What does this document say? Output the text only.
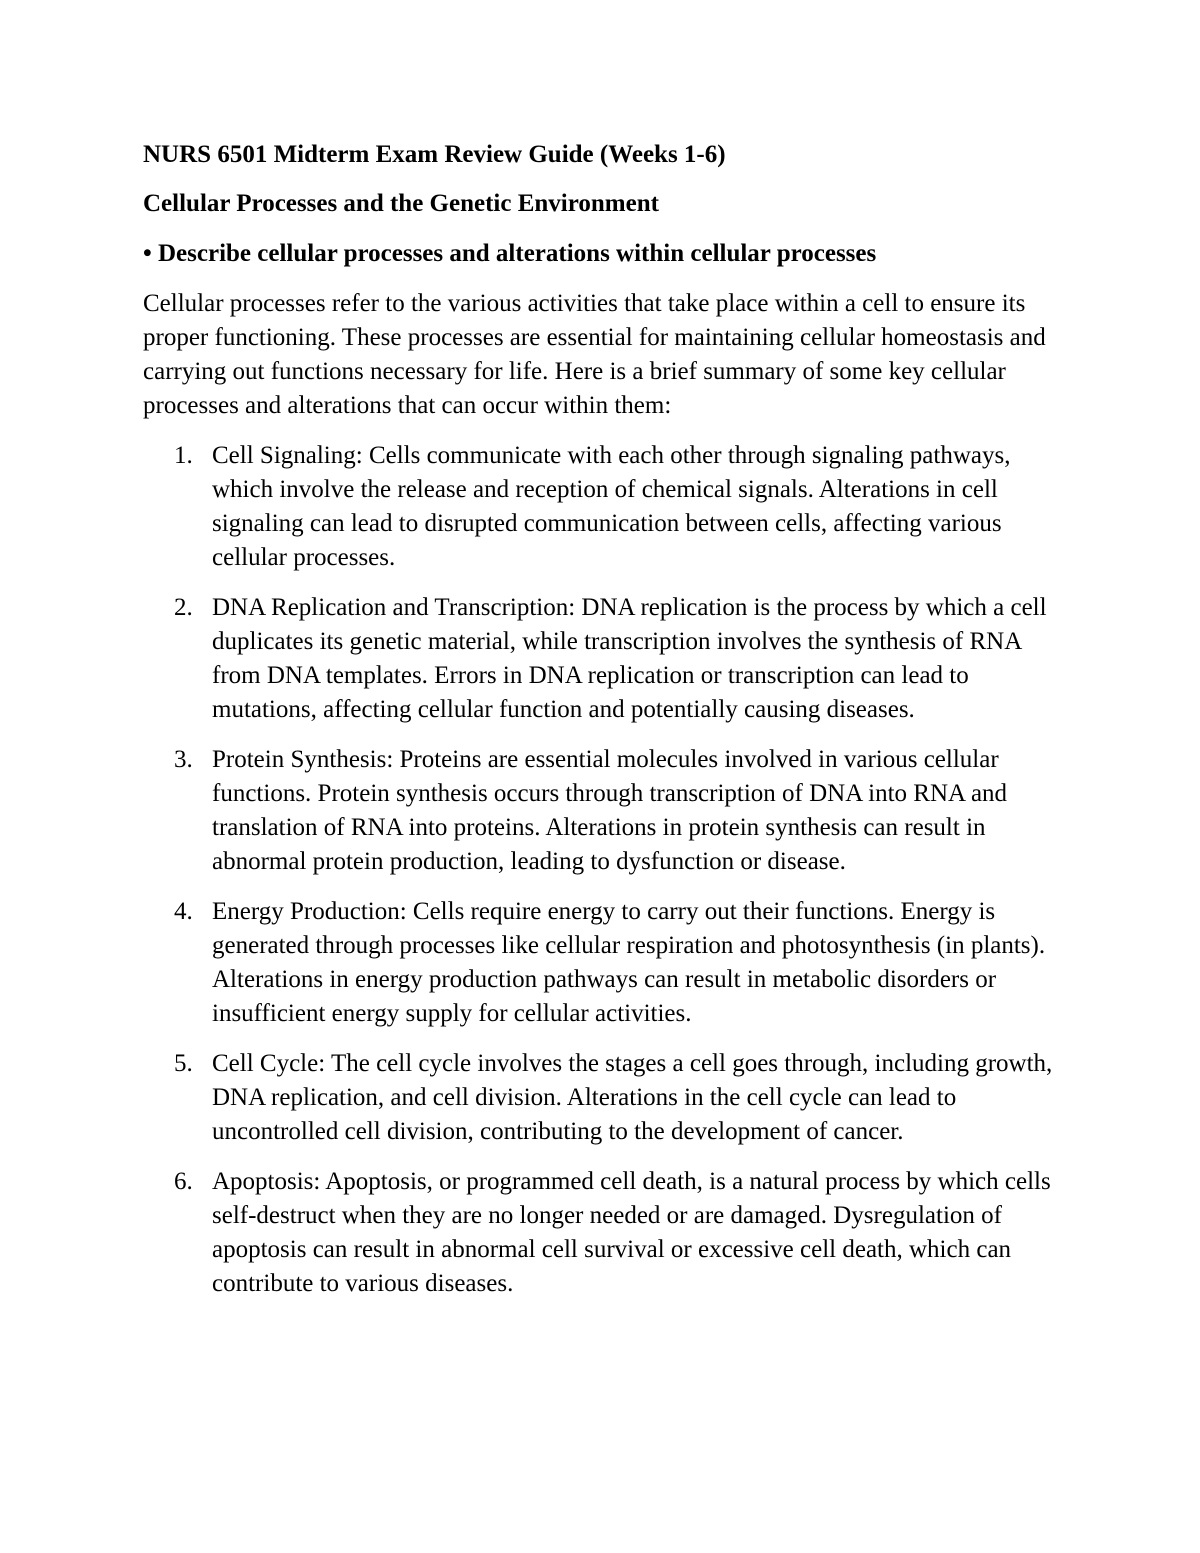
NURS 6501 Midterm Exam Review Guide (Weeks 1-6)

Cellular Processes and the Genetic Environment

• Describe cellular processes and alterations within cellular processes

Cellular processes refer to the various activities that take place within a cell to ensure its proper functioning. These processes are essential for maintaining cellular homeostasis and carrying out functions necessary for life. Here is a brief summary of some key cellular processes and alterations that can occur within them:

1. Cell Signaling: Cells communicate with each other through signaling pathways, which involve the release and reception of chemical signals. Alterations in cell signaling can lead to disrupted communication between cells, affecting various cellular processes.
2. DNA Replication and Transcription: DNA replication is the process by which a cell duplicates its genetic material, while transcription involves the synthesis of RNA from DNA templates. Errors in DNA replication or transcription can lead to mutations, affecting cellular function and potentially causing diseases.
3. Protein Synthesis: Proteins are essential molecules involved in various cellular functions. Protein synthesis occurs through transcription of DNA into RNA and translation of RNA into proteins. Alterations in protein synthesis can result in abnormal protein production, leading to dysfunction or disease.
4. Energy Production: Cells require energy to carry out their functions. Energy is generated through processes like cellular respiration and photosynthesis (in plants). Alterations in energy production pathways can result in metabolic disorders or insufficient energy supply for cellular activities.
5. Cell Cycle: The cell cycle involves the stages a cell goes through, including growth, DNA replication, and cell division. Alterations in the cell cycle can lead to uncontrolled cell division, contributing to the development of cancer.
6. Apoptosis: Apoptosis, or programmed cell death, is a natural process by which cells self-destruct when they are no longer needed or are damaged. Dysregulation of apoptosis can result in abnormal cell survival or excessive cell death, which can contribute to various diseases.
